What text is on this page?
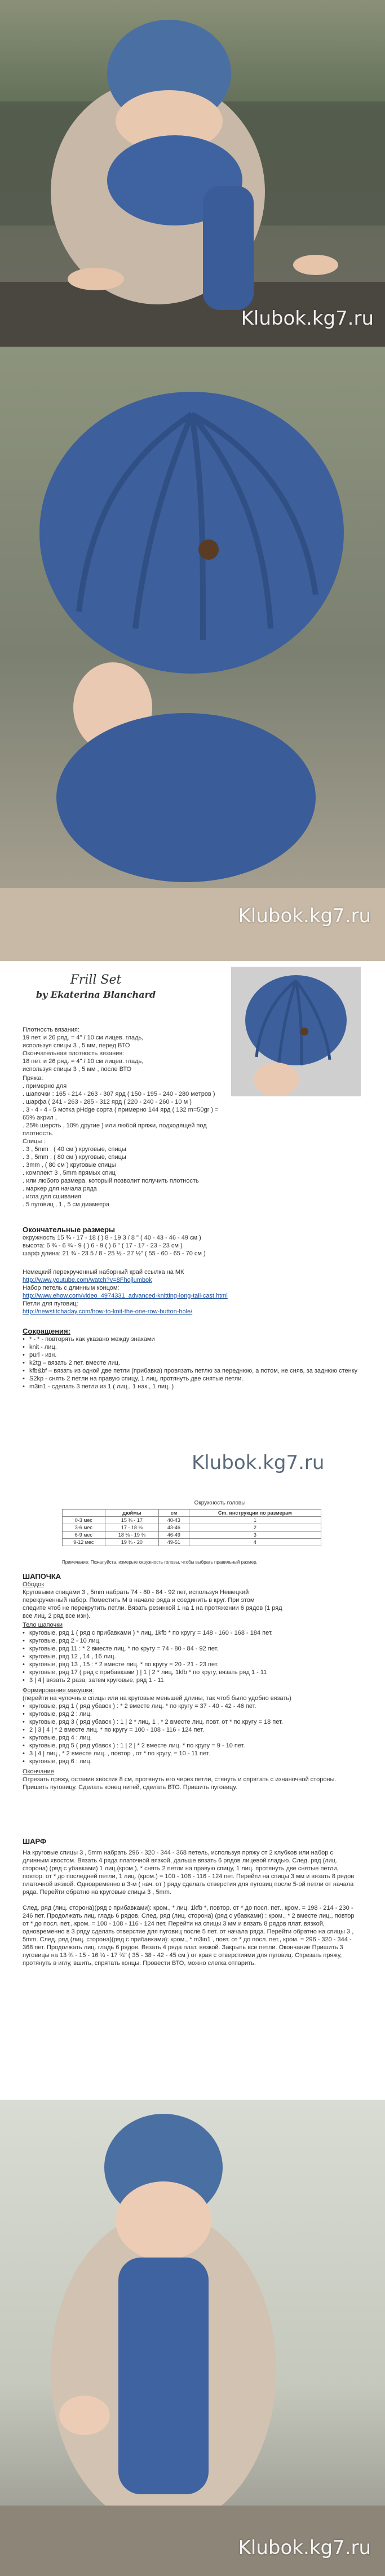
Klubok.kg7.ru
Klubok.kg7.ru
Frill Set
by Ekaterina Blanchard
Плотность вязания:
19 пет. и 26 ряд. = 4" / 10 см лицев. гладь,
используя спицы 3 , 5 мм, перед ВТО
Окончательная плотность вязания:
18 пет. и 26 ряд. = 4" / 10 см лицев. гладь,
используя спицы 3 , 5 мм , после ВТО
Пряжа:
. примерно для
. шапочки : 165 - 214 - 263 - 307 ярд ( 150 - 195 - 240 - 280 метров )
. шарфа ( 241 - 263 - 285 - 312 ярд ( 220 - 240 - 260 - 10 м )
. 3 - 4 - 4 - 5 мотка pHdge сорта ( примерно 144 ярд ( 132 m=50gr ) = 65% акрил ,
. 25% шерсть , 10% другие ) или любой пряжи, подходящей под плотность.
Спицы :
. 3 , 5mm , ( 40 см ) круговые, спицы
. 3 , 5mm , ( 80 см ) круговые, спицы
. 3mm , ( 80 см ) круговые спицы
. комплект 3 , 5mm прямых спиц
. или любого размера, который позволит получить плотность
. маркер для начала ряда
. игла для сшивания
. 5 пуговиц , 1 , 5 см диаметра
Окончательные размеры
окружность 15 ¾ - 17 - 18 ( ) 8 - 19 3 / 8 " ( 40 - 43 - 46 - 49 см )
высота: 6 ¾ - 6 ¾ - 9 ( ) 6 - 9 ( ) 6 " ( 17 - 17 - 23 - 23 см )
шарф длина: 21 ¾ - 23 5 / 8 - 25 ½ - 27 ½" ( 55 - 60 - 65 - 70 см )
Немецкий перекрученный наборный край ссылка на МК
http://www.youtube.com/watch?v=8Fhojlumbok
Набор петель с длинным концом:
http://www.ehow.com/video_4974331_advanced-knitting-long-tail-cast.html
Петли для пуговиц:
http://newstitchaday.com/how-to-knit-the-one-row-button-hole/
Сокращения:
• * - * - повторять как указано между знаками
• knit - лиц.
• purl - изн.
• k2tg – вязать 2 пет. вместе лиц.
• kfb&bf – вязать из одной две петли (прибавка) провязать петлю за переднюю, а потом, не сняв, за заднюю стенку
• S2kp - снять 2 петли на правую спицу, 1 лиц. протянуть две снятые петли.
• m3in1 - сделать 3 петли из 1 ( лиц., 1 нак., 1 лиц. )
Klubok.kg7.ru
Окружность головы
	дюймы	см	Cm. инструкции по размерам
0-3 мес	15 ¾ - 17	40-43	1
3-6 мес	17 - 18 ⅛	43-46	2
6-9 мес	18 ⅛ - 19 ⅜	46-49	3
9-12 мес	19 ⅜ - 20	49-51	4
Примечание: Пожалуйста, измерьте окружность головы, чтобы выбрать правильный размер.
ШАПОЧКА
Ободок
Круговыми спицами 3 , 5mm набрать 74 - 80 - 84 - 92 пет, используя Немецкий
перекрученный набор. Поместить М в начале ряда и соединить в круг. При этом
следите чтоб не перекрутить петли. Вязать резинкой 1 на 1 на протяжении 6 рядов (1 ряд
все лиц, 2 ряд все изн).
Тело шапочки
• круговые, ряд 1 ( ряд с прибавками ) * лиц, 1kfb * по кругу = 148 - 160 - 168 - 184 пет.
• круговые, ряд 2 - 10 лиц.
• круговые, ряд 11 : * 2 вместе лиц. * по кругу = 74 - 80 - 84 - 92 пет.
• круговые, ряд 12 , 14 , 16 лиц.
• круговые, ряд 13 , 15 : * 2 вместе лиц. * по кругу = 20 - 21 - 23 пет.
• круговые, ряд 17 ( ряд с прибавками ) | 1 | 2 * лиц, 1kfb * по кругу, вязать ряд 1 - 11
• 3 | 4 | вязать 2 раза, затем круговые, ряд 1 - 11
Формирование макушки:
(перейти на чулочные спицы или на круговые меньшей длины, так чтоб было удобно вязать)
• круговые, ряд 1 ( ряд убавок ) : * 2 вместе лиц. * по кругу = 37 - 40 - 42 - 46 пет.
• круговые, ряд 2 : лиц.
• круговые, ряд 3 ( ряд убавок ) : 1 | 2 * лиц, 1 , * 2 вместе лиц. повт. от * по кругу = 18 пет.
• 2 | 3 | 4 | * 2 вместе лиц. * по кругу = 100 - 108 - 116 - 124 пет.
• круговые, ряд 4 : лиц.
• круговые, ряд 5 ( ряд убавок ) : 1 | 2 | * 2 вместе лиц. * по кругу = 9 - 10 пет.
• 3 | 4 | лиц., * 2 вместе лиц. , повтор , от * по кругу, = 10 - 11 пет.
• круговые, ряд 6 : лиц.
Окончание
Отрезать пряжу, оставив хвостик 8 см, протянуть его через петли, стянуть и спрятать с изнаночной стороны. Пришить пуговицу. Сделать конец нитей, сделать ВТО. Пришить пуговицу.
ШАРФ
На круговые спицы 3 , 5mm набрать 296 - 320 - 344 - 368 петель, используя пряжу от 2 клубков или набор с длинным хвостом. Вязать 4 ряда платочной вязкой, дальше вязать 6 рядов лицевой гладью. След. ряд (лиц. сторона) (ряд с убавками) 1 лиц.(кром.), * снять 2 петли на правую спицу, 1 лиц. протянуть две снятые петли, повтор. от * до последней петли, 1 лиц. (кром.) = 100 - 108 - 116 - 124 пет. Перейти на спицы 3 мм и вязать 8 рядов платочной вязкой. Одновременно в 3-м ( нач. от ) ряду сделать отверстия для пуговиц после 5-ой петли от начала ряда. Перейти обратно на круговые спицы 3 , 5mm.
След. ряд (лиц. сторона)(ряд с прибавками): кром., * лиц. 1kfb *, повтор. от * до посл. пет., кром. = 198 - 214 - 230 - 246 пет. Продолжать лиц. гладь 6 рядов. След. ряд (лиц. сторона) (ряд с убавками) : кром., * 2 вместе лиц., повтор от * до посл. пет., кром. = 100 - 108 - 116 - 124 пет. Перейти на спицы 3 мм и вязать 8 рядов плат. вязкой, одновременно в 3 ряду сделать отверстие для пуговиц после 5 пет. от начала ряда. Перейти обратно на спицы 3 , 5mm. След. ряд (лиц. сторона)(ряд с прибавками): кром., * m3in1 , повт. от * до посл. пет., кром. = 296 - 320 - 344 - 368 пет. Продолжать лиц. гладь 6 рядов. Вязать 4 ряда плат. вязкой. Закрыть все петли. Окончание Пришить 3 пуговицы на 13 ¾ - 15 - 16 ¼ - 17 ¾" ( 35 - 38 - 42 - 45 см ) от края с отверстиями для пуговиц. Отрезать пряжу, протянуть в иглу, вшить, спрятать концы. Провести ВТО, можно слегка отпарить.
Klubok.kg7.ru
